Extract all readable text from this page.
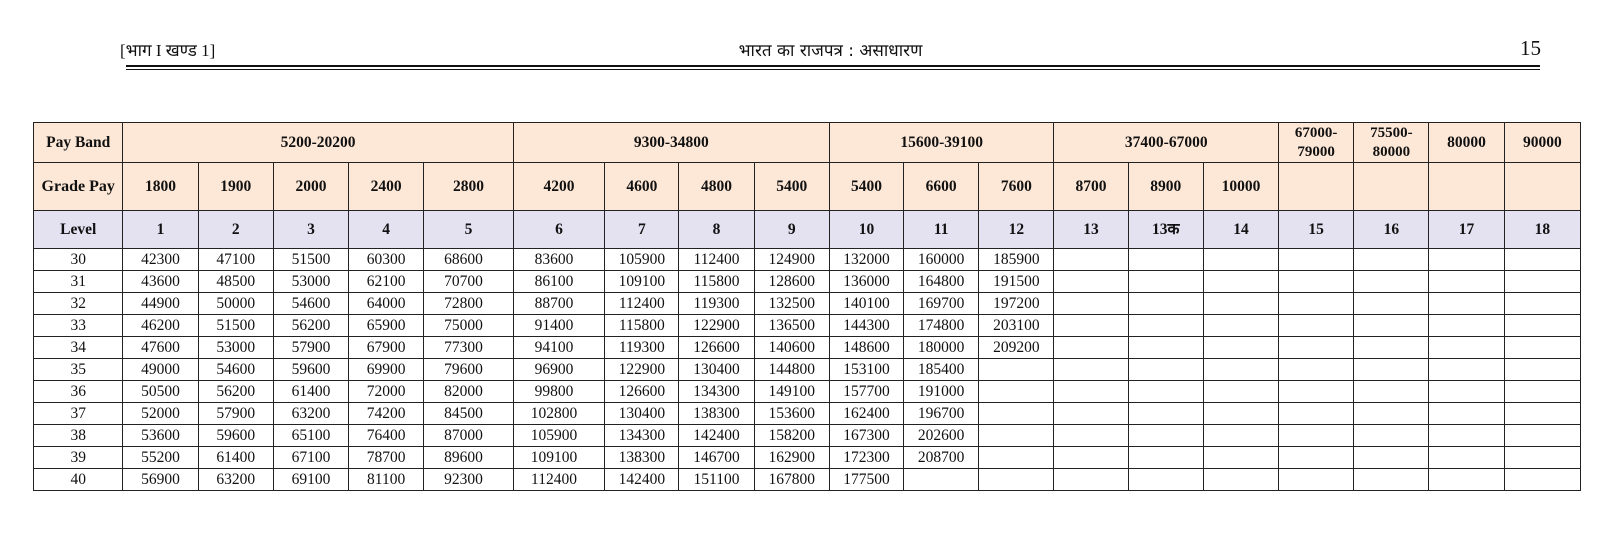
[भाग I खण्ड 1]	भारत का राजपत्र : असाधारण	15
Pay Band	5200-20200					9300-34800				15600-39100			37400-67000			67000-79000	75500-80000	80000	90000
Grade Pay	1800	1900	2000	2400	2800	4200	4600	4800	5400	5400	6600	7600	8700	8900	10000				
Level	1	2	3	4	5	6	7	8	9	10	11	12	13	13क	14	15	16	17	18
30	42300	47100	51500	60300	68600	83600	105900	112400	124900	132000	160000	185900							
31	43600	48500	53000	62100	70700	86100	109100	115800	128600	136000	164800	191500							
32	44900	50000	54600	64000	72800	88700	112400	119300	132500	140100	169700	197200							
33	46200	51500	56200	65900	75000	91400	115800	122900	136500	144300	174800	203100							
34	47600	53000	57900	67900	77300	94100	119300	126600	140600	148600	180000	209200							
35	49000	54600	59600	69900	79600	96900	122900	130400	144800	153100	185400								
36	50500	56200	61400	72000	82000	99800	126600	134300	149100	157700	191000								
37	52000	57900	63200	74200	84500	102800	130400	138300	153600	162400	196700								
38	53600	59600	65100	76400	87000	105900	134300	142400	158200	167300	202600								
39	55200	61400	67100	78700	89600	109100	138300	146700	162900	172300	208700								
40	56900	63200	69100	81100	92300	112400	142400	151100	167800	177500									
